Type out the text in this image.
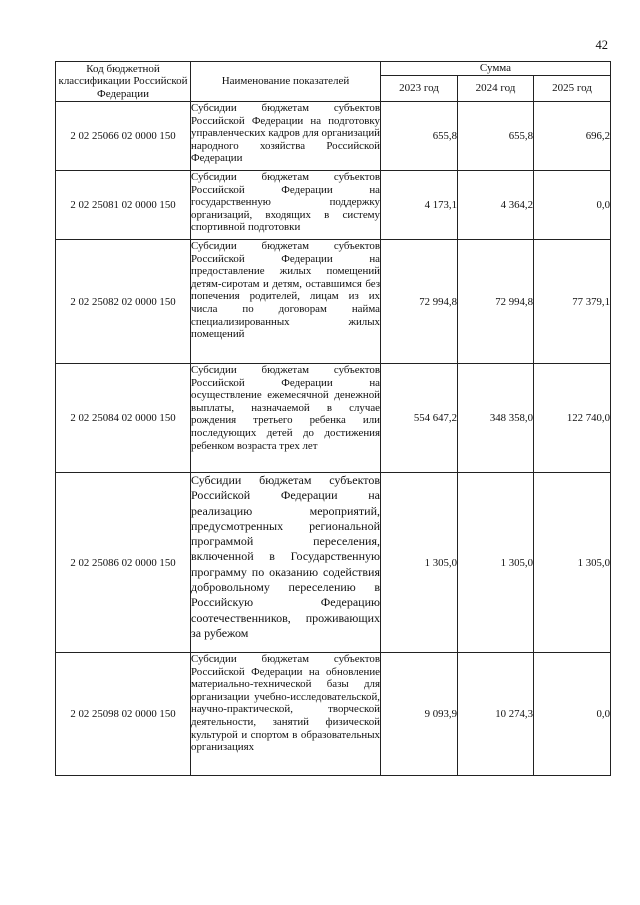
42
Код бюджетной классификации Российской Федерации	Наименование показателей	Сумма		
		2023 год	2024 год	2025 год
2 02 25066 02 0000 150	Субсидии бюджетам субъектов Российской Федерации на подготовку управленческих кадров для организаций народного хозяйства Российской Федерации	655,8	655,8	696,2
2 02 25081 02 0000 150	Субсидии бюджетам субъектов Российской Федерации на государственную поддержку организаций, входящих в систему спортивной подготовки	4 173,1	4 364,2	0,0
2 02 25082 02 0000 150	Субсидии бюджетам субъектов Российской Федерации на предоставление жилых помещений детям-сиротам и детям, оставшимся без попечения родителей, лицам из их числа по договорам найма специализированных жилых помещений	72 994,8	72 994,8	77 379,1
2 02 25084 02 0000 150	Субсидии бюджетам субъектов Российской Федерации на осуществление ежемесячной денежной выплаты, назначаемой в случае рождения третьего ребенка или последующих детей до достижения ребенком возраста трех лет	554 647,2	348 358,0	122 740,0
2 02 25086 02 0000 150	Субсидии бюджетам субъектов Российской Федерации на реализацию мероприятий, предусмотренных региональной программой переселения, включенной в Государственную программу по оказанию содействия добровольному переселению в Российскую Федерацию соотечественников, проживающих за рубежом	1 305,0	1 305,0	1 305,0
2 02 25098 02 0000 150	Субсидии бюджетам субъектов Российской Федерации на обновление материально-технической базы для организации учебно-исследовательской, научно-практической, творческой деятельности, занятий физической культурой и спортом в образовательных организациях	9 093,9	10 274,3	0,0
